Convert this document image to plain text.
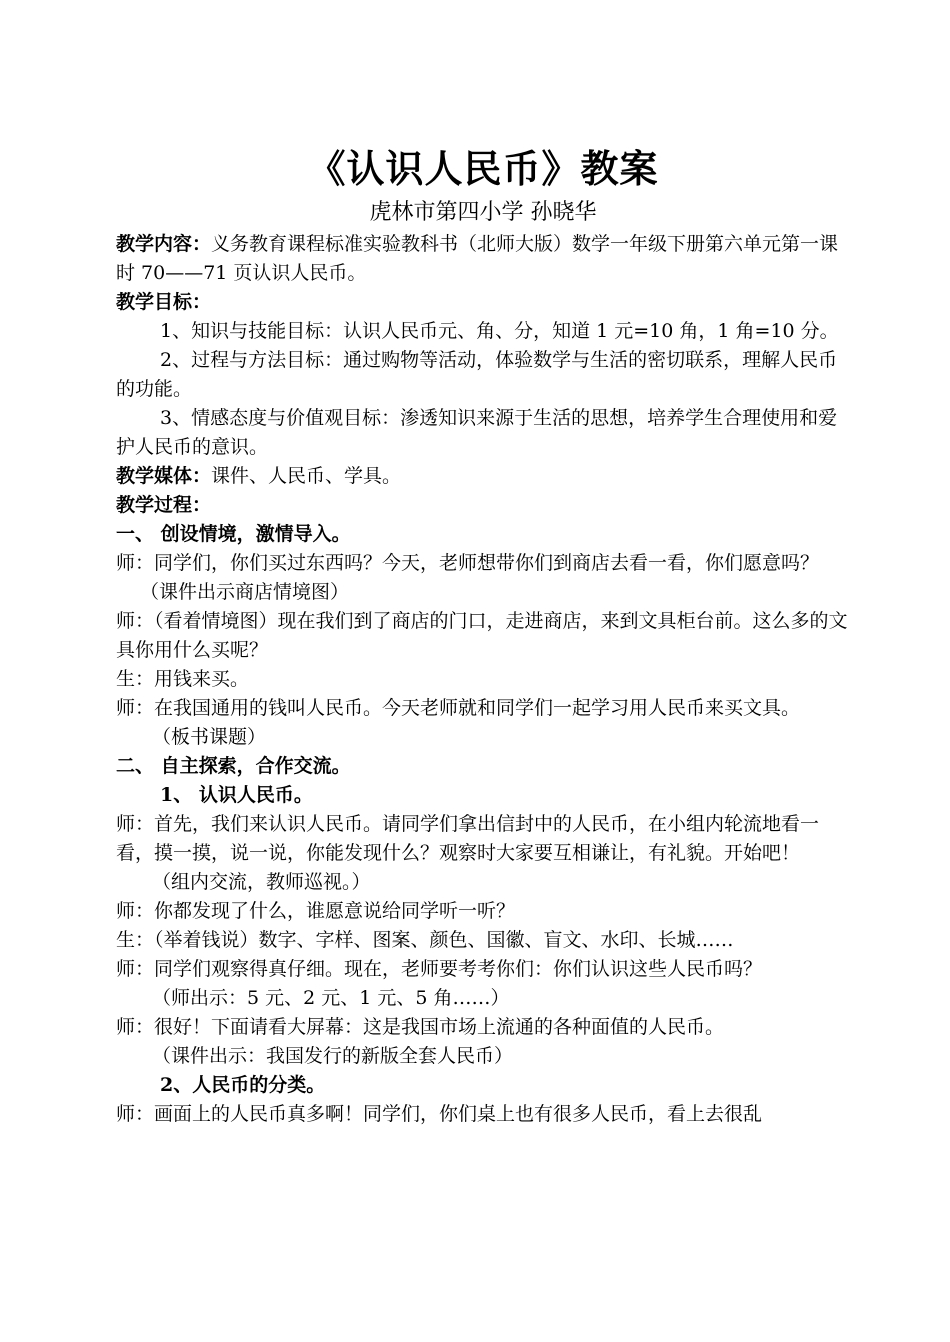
《认识人民币》教案
虎林市第四小学 孙晓华

教学内容：义务教育课程标准实验教科书（北师大版）数学一年级下册第六单元第一课时 70——71 页认识人民币。

教学目标：

1、知识与技能目标：认识人民币元、角、分，知道 1 元=10 角，1 角=10 分。

2、过程与方法目标：通过购物等活动，体验数学与生活的密切联系，理解人民币的功能。

3、情感态度与价值观目标：渗透知识来源于生活的思想，培养学生合理使用和爱护人民币的意识。

教学媒体：课件、人民币、学具。

教学过程：

一、 创设情境，激情导入。

师：同学们，你们买过东西吗？今天，老师想带你们到商店去看一看，你们愿意吗？

（课件出示商店情境图）

师：（看着情境图）现在我们到了商店的门口，走进商店，来到文具柜台前。这么多的文具你用什么买呢？

生：用钱来买。

师：在我国通用的钱叫人民币。今天老师就和同学们一起学习用人民币来买文具。

（板书课题）

二、 自主探索，合作交流。

1、 认识人民币。

师：首先，我们来认识人民币。请同学们拿出信封中的人民币，在小组内轮流地看一看，摸一摸，说一说，你能发现什么？观察时大家要互相谦让，有礼貌。开始吧！

（组内交流，教师巡视。）

师：你都发现了什么，谁愿意说给同学听一听？

生：（举着钱说）数字、字样、图案、颜色、国徽、盲文、水印、长城……

师：同学们观察得真仔细。现在，老师要考考你们：你们认识这些人民币吗？

（师出示：5 元、2 元、1 元、5 角……）

师：很好！下面请看大屏幕：这是我国市场上流通的各种面值的人民币。

（课件出示：我国发行的新版全套人民币）

2、人民币的分类。

师：画面上的人民币真多啊！同学们，你们桌上也有很多人民币，看上去很乱
